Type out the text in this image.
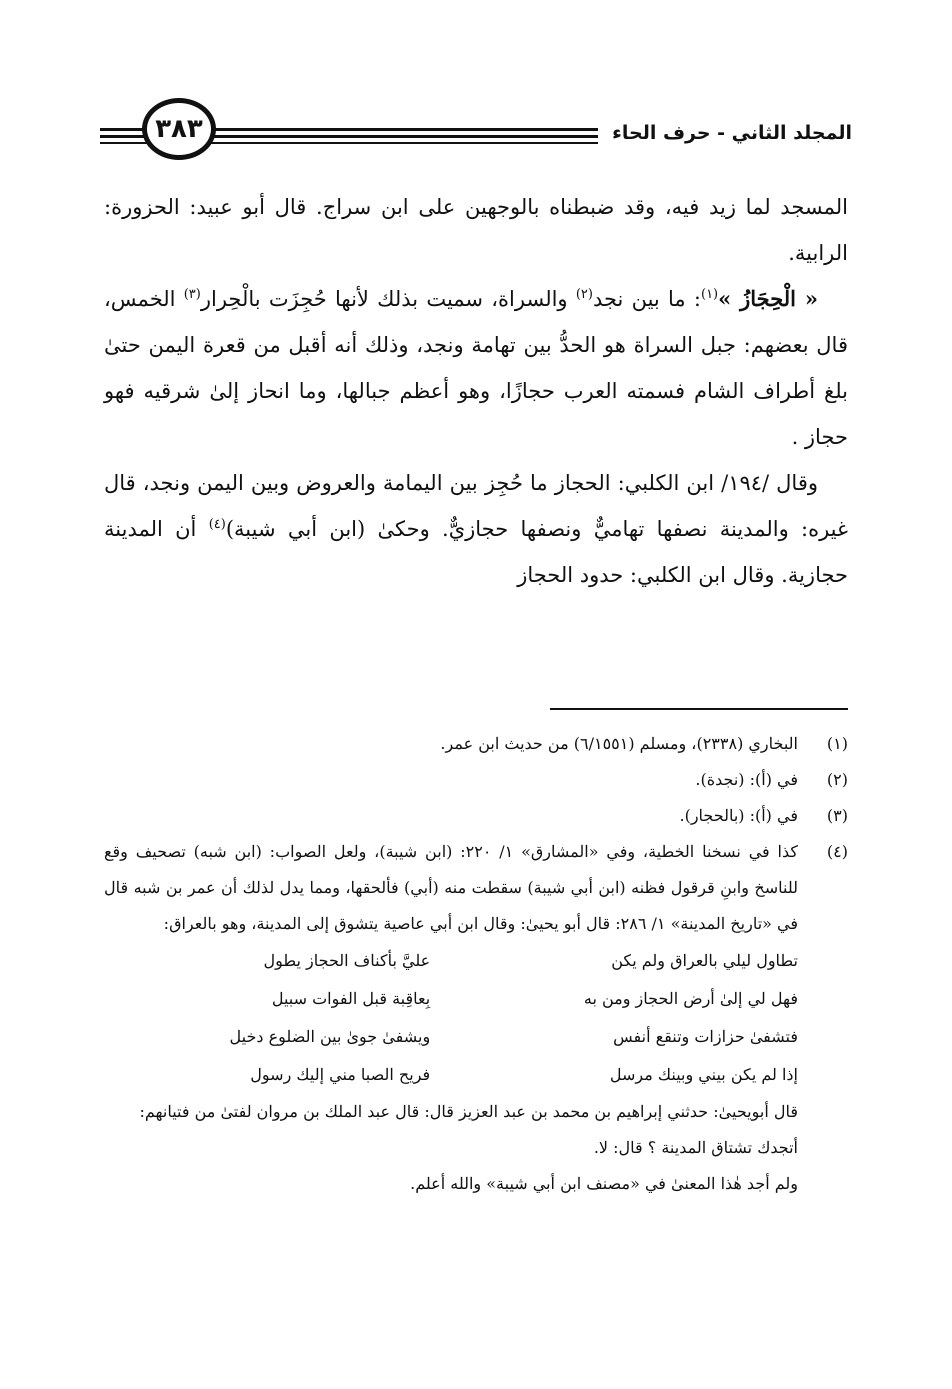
المجلد الثاني - حرف الحاء
٣٨٣

المسجد لما زيد فيه، وقد ضبطناه بالوجهين على ابن سراج. قال أبو عبيد: الحزورة: الرابية.

« الْحِجَازُ »$^{(١)}$: ما بين نجد$^{(٢)}$ والسراة، سميت بذلك لأنها حُجِزَت بالْحِرار$^{(٣)}$ الخمس، قال بعضهم: جبل السراة هو الحدُّ بين تهامة ونجد، وذلك أنه أقبل من قعرة اليمن حتىٰ بلغ أطراف الشام فسمته العرب حجازًا، وهو أعظم جبالها، وما انحاز إلىٰ شرقيه فهو حجاز .

وقال /١٩٤/ ابن الكلبي: الحجاز ما حُجِز بين اليمامة والعروض وبين اليمن ونجد، قال غيره: والمدينة نصفها تهاميٌّ ونصفها حجازيٌّ. وحكىٰ (ابن أبي شيبة)$^{(٤)}$ أن المدينة حجازية. وقال ابن الكلبي: حدود الحجاز

(١)
البخاري (٢٣٣٨)، ومسلم (٦/١٥٥١) من حديث ابن عمر.
(٢)
في (أ): (نجدة).
(٣)
في (أ): (بالحجار).
(٤)
كذا في نسخنا الخطية، وفي «المشارق» ١/ ٢٢٠: (ابن شيبة)، ولعل الصواب: (ابن شبه) تصحيف وقع للناسخ وابنِ قرقول فظنه (ابن أبي شيبة) سقطت منه (أبي) فألحقها، ومما يدل لذلك أن عمر بن شبه قال في «تاريخ المدينة» ١/ ٢٨٦: قال أبو يحيىٰ: وقال ابن أبي عاصية يتشوق إلى المدينة، وهو بالعراق:
تطاول ليلي بالعراق ولم يكن
عليَّ بأكناف الحجاز يطول
فهل لي إلىٰ أرض الحجاز ومن به
بِعاقِبة قبل الفوات سبيل
فتشفىٰ حزازات وتنقع أنفس
ويشفىٰ جوىٰ بين الضلوع دخيل
إذا لم يكن بيني وبينك مرسل
فريح الصبا مني إليك رسول
قال أبويحيىٰ: حدثني إبراهيم بن محمد بن عبد العزيز قال: قال عبد الملك بن مروان لفتىٰ من فتيانهم: أتجدك تشتاق المدينة ؟ قال: لا.
ولم أجد هٰذا المعنىٰ في «مصنف ابن أبي شيبة» والله أعلم.
